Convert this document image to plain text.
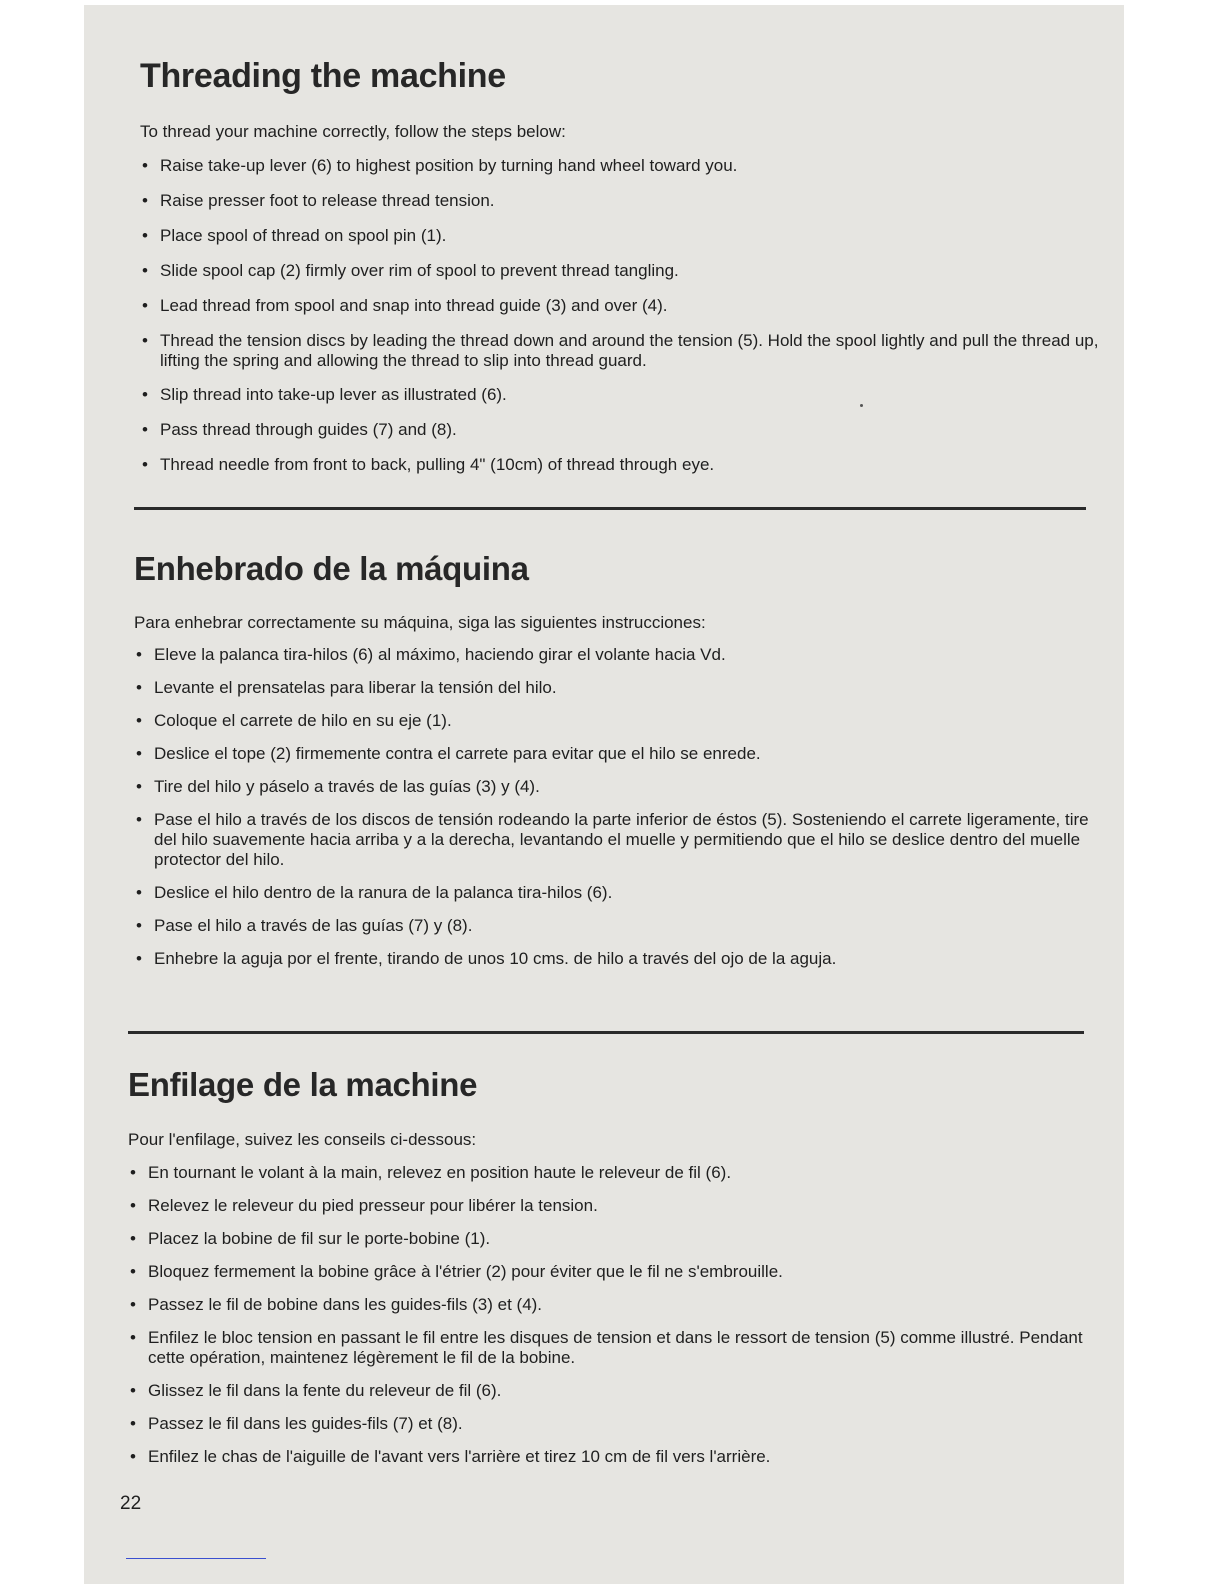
Threading the machine

To thread your machine correctly, follow the steps below:

• Raise take-up lever (6) to highest position by turning hand wheel toward you.
• Raise presser foot to release thread tension.
• Place spool of thread on spool pin (1).
• Slide spool cap (2) firmly over rim of spool to prevent thread tangling.
• Lead thread from spool and snap into thread guide (3) and over (4).
• Thread the tension discs by leading the thread down and around the tension (5). Hold the spool lightly and pull the thread up, lifting the spring and allowing the thread to slip into thread guard.
• Slip thread into take-up lever as illustrated (6).
• Pass thread through guides (7) and (8).
• Thread needle from front to back, pulling 4" (10cm) of thread through eye.
Enhebrado de la máquina

Para enhebrar correctamente su máquina, siga las siguientes instrucciones:

• Eleve la palanca tira-hilos (6) al máximo, haciendo girar el volante hacia Vd.
• Levante el prensatelas para liberar la tensión del hilo.
• Coloque el carrete de hilo en su eje (1).
• Deslice el tope (2) firmemente contra el carrete para evitar que el hilo se enrede.
• Tire del hilo y páselo a través de las guías (3) y (4).
• Pase el hilo a través de los discos de tensión rodeando la parte inferior de éstos (5). Sosteniendo el carrete ligeramente, tire del hilo suavemente hacia arriba y a la derecha, levantando el muelle y permitiendo que el hilo se deslice dentro del muelle protector del hilo.
• Deslice el hilo dentro de la ranura de la palanca tira-hilos (6).
• Pase el hilo a través de las guías (7) y (8).
• Enhebre la aguja por el frente, tirando de unos 10 cms. de hilo a través del ojo de la aguja.
Enfilage de la machine

Pour l'enfilage, suivez les conseils ci-dessous:

• En tournant le volant à la main, relevez en position haute le releveur de fil (6).
• Relevez le releveur du pied presseur pour libérer la tension.
• Placez la bobine de fil sur le porte-bobine (1).
• Bloquez fermement la bobine grâce à l'étrier (2) pour éviter que le fil ne s'embrouille.
• Passez le fil de bobine dans les guides-fils (3) et (4).
• Enfilez le bloc tension en passant le fil entre les disques de tension et dans le ressort de tension (5) comme illustré. Pendant cette opération, maintenez légèrement le fil de la bobine.
• Glissez le fil dans la fente du releveur de fil (6).
• Passez le fil dans les guides-fils (7) et (8).
• Enfilez le chas de l'aiguille de l'avant vers l'arrière et tirez 10 cm de fil vers l'arrière.
22
